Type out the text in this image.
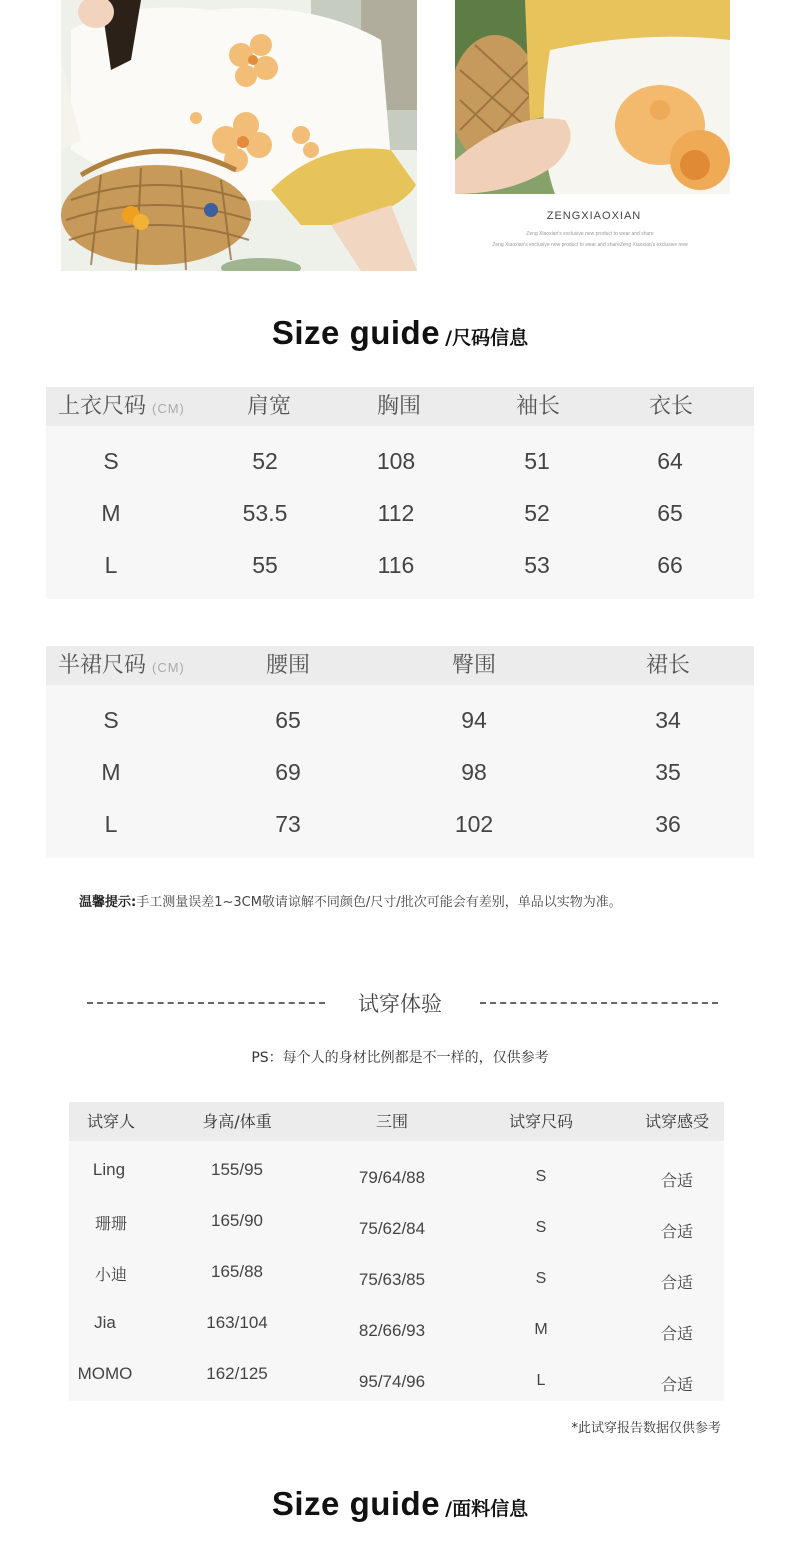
ZENGXIAOXIAN
Zeng Xiaoxian's exclusive new product to wear and share
Zeng Xiaoxian's exclusive new product to wear and shareZeng Xiaoxian's exclusive new
Size guide /尺码信息
上衣尺码 (CM)	肩宽	胸围	袖长	衣长
S	52	108	51	64
M	53.5	112	52	65
L	55	116	53	66
半裙尺码 (CM)	腰围	臀围	裙长
S	65	94	34
M	69	98	35
L	73	102	36
温馨提示:手工测量误差1~3CM敬请谅解不同颜色/尺寸/批次可能会有差别，单品以实物为准。
试穿体验
PS：每个人的身材比例都是不一样的，仅供参考
试穿人	身高/体重	三围	试穿尺码	试穿感受
Ling	155/95	79/64/88	S	合适
珊珊	165/90	75/62/84	S	合适
小迪	165/88	75/63/85	S	合适
Jia	163/104	82/66/93	M	合适
MOMO	162/125	95/74/96	L	合适
*此试穿报告数据仅供参考
Size guide /面料信息
